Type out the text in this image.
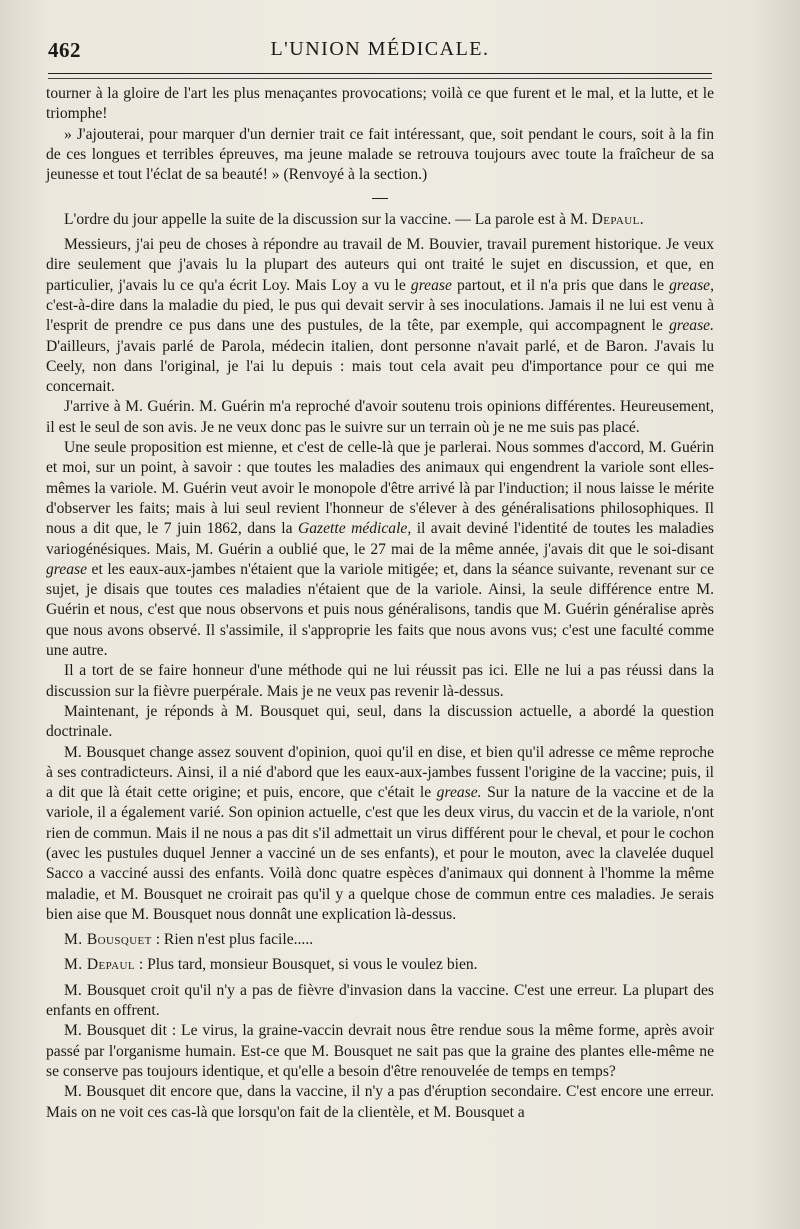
462	L'UNION MÉDICALE.

tourner à la gloire de l'art les plus menaçantes provocations; voilà ce que furent et le mal, et la lutte, et le triomphe!

» J'ajouterai, pour marquer d'un dernier trait ce fait intéressant, que, soit pendant le cours, soit à la fin de ces longues et terribles épreuves, ma jeune malade se retrouva toujours avec toute la fraîcheur de sa jeunesse et tout l'éclat de sa beauté! » (Renvoyé à la section.)

L'ordre du jour appelle la suite de la discussion sur la vaccine. — La parole est à M. Depaul.

Messieurs, j'ai peu de choses à répondre au travail de M. Bouvier, travail purement historique. Je veux dire seulement que j'avais lu la plupart des auteurs qui ont traité le sujet en discussion, et que, en particulier, j'avais lu ce qu'a écrit Loy. Mais Loy a vu le grease partout, et il n'a pris que dans le grease, c'est-à-dire dans la maladie du pied, le pus qui devait servir à ses inoculations. Jamais il ne lui est venu à l'esprit de prendre ce pus dans une des pustules, de la tête, par exemple, qui accompagnent le grease. D'ailleurs, j'avais parlé de Parola, médecin italien, dont personne n'avait parlé, et de Baron. J'avais lu Ceely, non dans l'original, je l'ai lu depuis : mais tout cela avait peu d'importance pour ce qui me concernait.

J'arrive à M. Guérin. M. Guérin m'a reproché d'avoir soutenu trois opinions différentes. Heureusement, il est le seul de son avis. Je ne veux donc pas le suivre sur un terrain où je ne me suis pas placé.

Une seule proposition est mienne, et c'est de celle-là que je parlerai. Nous sommes d'accord, M. Guérin et moi, sur un point, à savoir : que toutes les maladies des animaux qui engendrent la variole sont elles-mêmes la variole. M. Guérin veut avoir le monopole d'être arrivé là par l'induction; il nous laisse le mérite d'observer les faits; mais à lui seul revient l'honneur de s'élever à des généralisations philosophiques. Il nous a dit que, le 7 juin 1862, dans la Gazette médicale, il avait deviné l'identité de toutes les maladies variogénésiques. Mais, M. Guérin a oublié que, le 27 mai de la même année, j'avais dit que le soi-disant grease et les eaux-aux-jambes n'étaient que la variole mitigée; et, dans la séance suivante, revenant sur ce sujet, je disais que toutes ces maladies n'étaient que de la variole. Ainsi, la seule différence entre M. Guérin et nous, c'est que nous observons et puis nous généralisons, tandis que M. Guérin généralise après que nous avons observé. Il s'assimile, il s'approprie les faits que nous avons vus; c'est une faculté comme une autre.

Il a tort de se faire honneur d'une méthode qui ne lui réussit pas ici. Elle ne lui a pas réussi dans la discussion sur la fièvre puerpérale. Mais je ne veux pas revenir là-dessus.

Maintenant, je réponds à M. Bousquet qui, seul, dans la discussion actuelle, a abordé la question doctrinale.

M. Bousquet change assez souvent d'opinion, quoi qu'il en dise, et bien qu'il adresse ce même reproche à ses contradicteurs. Ainsi, il a nié d'abord que les eaux-aux-jambes fussent l'origine de la vaccine; puis, il a dit que là était cette origine; et puis, encore, que c'était le grease. Sur la nature de la vaccine et de la variole, il a également varié. Son opinion actuelle, c'est que les deux virus, du vaccin et de la variole, n'ont rien de commun. Mais il ne nous a pas dit s'il admettait un virus différent pour le cheval, et pour le cochon (avec les pustules duquel Jenner a vacciné un de ses enfants), et pour le mouton, avec la clavelée duquel Sacco a vacciné aussi des enfants. Voilà donc quatre espèces d'animaux qui donnent à l'homme la même maladie, et M. Bousquet ne croirait pas qu'il y a quelque chose de commun entre ces maladies. Je serais bien aise que M. Bousquet nous donnât une explication là-dessus.

M. Bousquet : Rien n'est plus facile.....

M. Depaul : Plus tard, monsieur Bousquet, si vous le voulez bien.

M. Bousquet croit qu'il n'y a pas de fièvre d'invasion dans la vaccine. C'est une erreur. La plupart des enfants en offrent.

M. Bousquet dit : Le virus, la graine-vaccin devrait nous être rendue sous la même forme, après avoir passé par l'organisme humain. Est-ce que M. Bousquet ne sait pas que la graine des plantes elle-même ne se conserve pas toujours identique, et qu'elle a besoin d'être renouvelée de temps en temps?

M. Bousquet dit encore que, dans la vaccine, il n'y a pas d'éruption secondaire. C'est encore une erreur. Mais on ne voit ces cas-là que lorsqu'on fait de la clientèle, et M. Bousquet a
